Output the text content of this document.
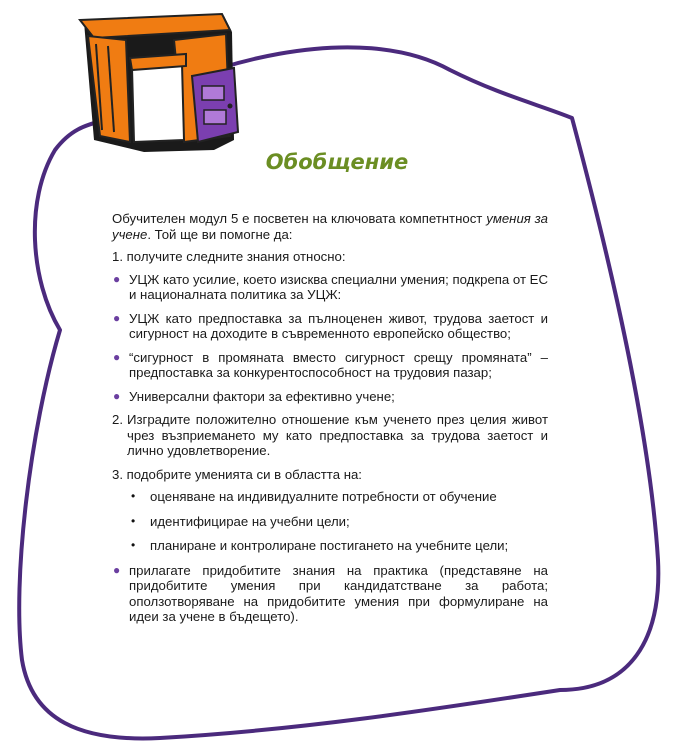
Обобщение

Обучителен модул 5 е посветен на ключовата компетнтност умения за учене. Той ще ви помогне да:

1. получите следните знания относно:

● УЦЖ като усилие, което изисква специални умения; подкрепа от ЕС и националната политика за УЦЖ:
● УЦЖ като предпоставка за пълноценен живот, трудова заетост и сигурност на доходите в съвременното европейско общество;
● “сигурност в промяната вместо сигурност срещу промяната” – предпоставка за конкурентоспособност на трудовия пазар;
● Универсални фактори за ефективно учене;
2. Изградите положително отношение към ученето през целия живот чрез възприемането му като предпоставка за трудова заетост и лично удовлетворение.

3. подобрите уменията си в областта на:

• оценяване на индивидуалните потребности от обучение
• идентифицирае на учебни цели;
• планиране и контролиране постигането на учебните цели;
● прилагате придобитите знания на практика (представяне на придобитите умения при кандидатстване за работа; оползотворяване на придобитите умения при формулиране на идеи за учене в бъдещето).
